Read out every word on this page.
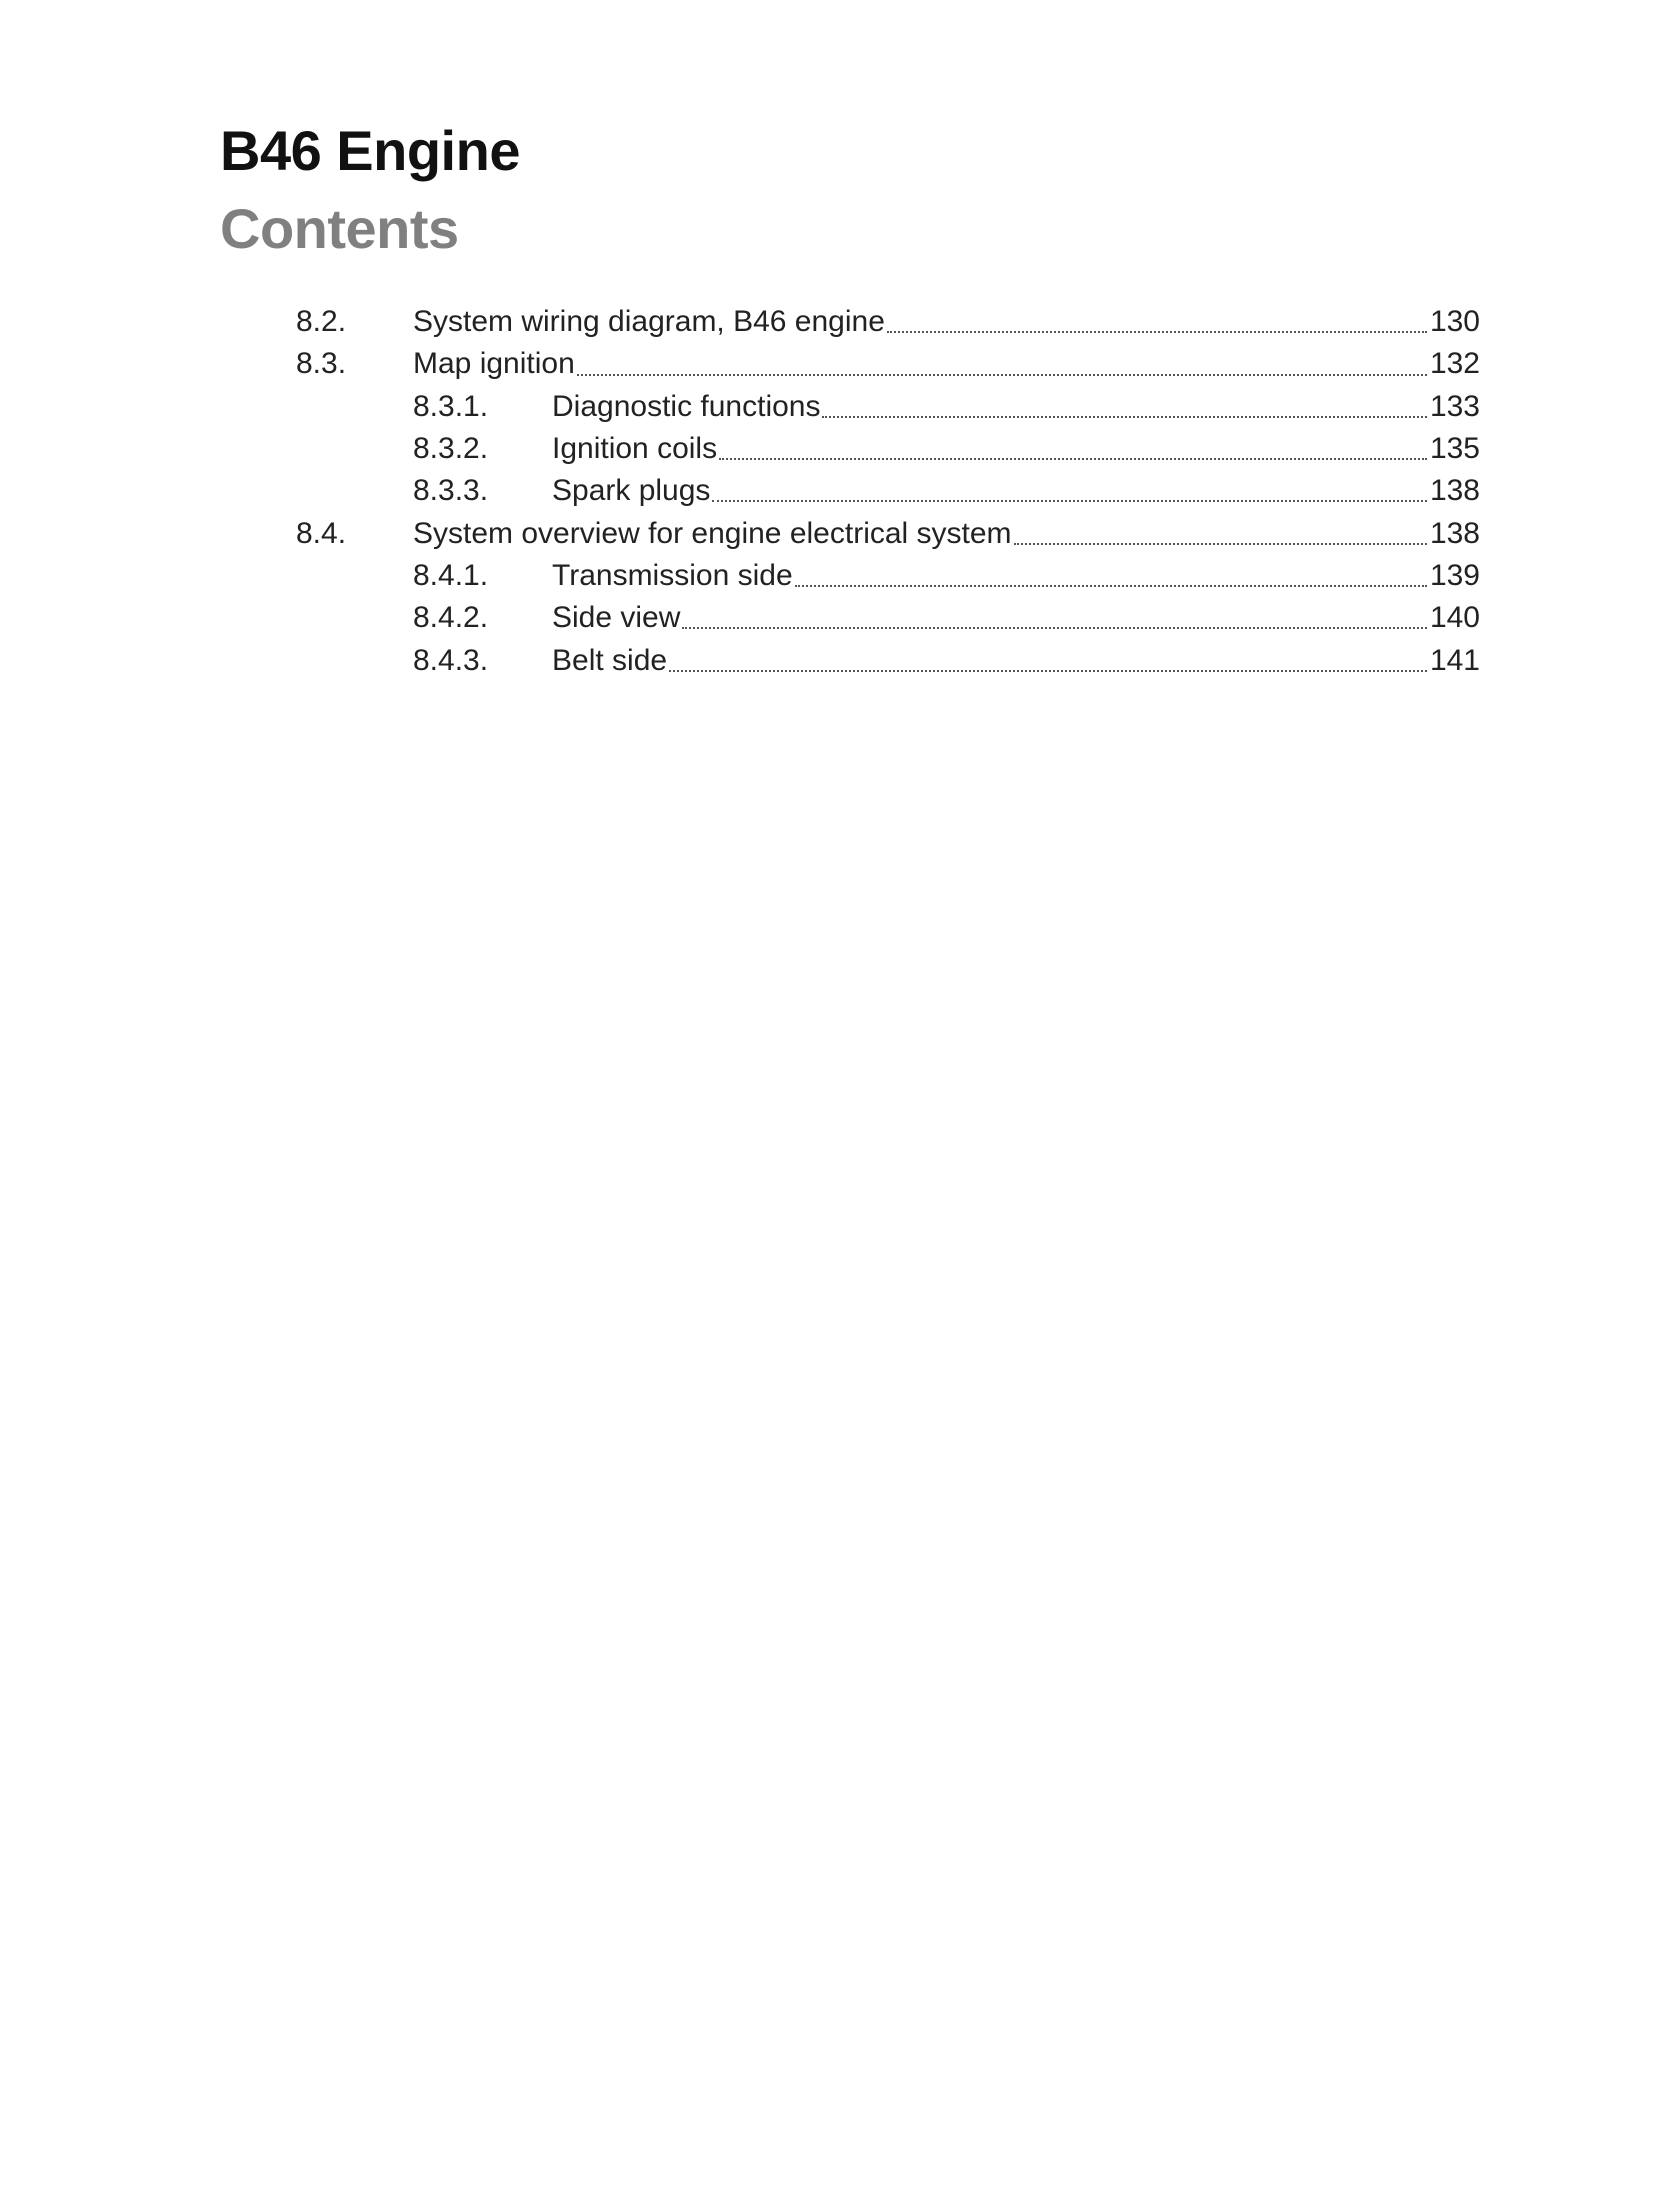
B46 Engine
Contents
8.2.	System wiring diagram, B46 engine	130
8.3.	Map ignition	132
8.3.1.	Diagnostic functions	133
8.3.2.	Ignition coils	135
8.3.3.	Spark plugs	138
8.4.	System overview for engine electrical system	138
8.4.1.	Transmission side	139
8.4.2.	Side view	140
8.4.3.	Belt side	141
